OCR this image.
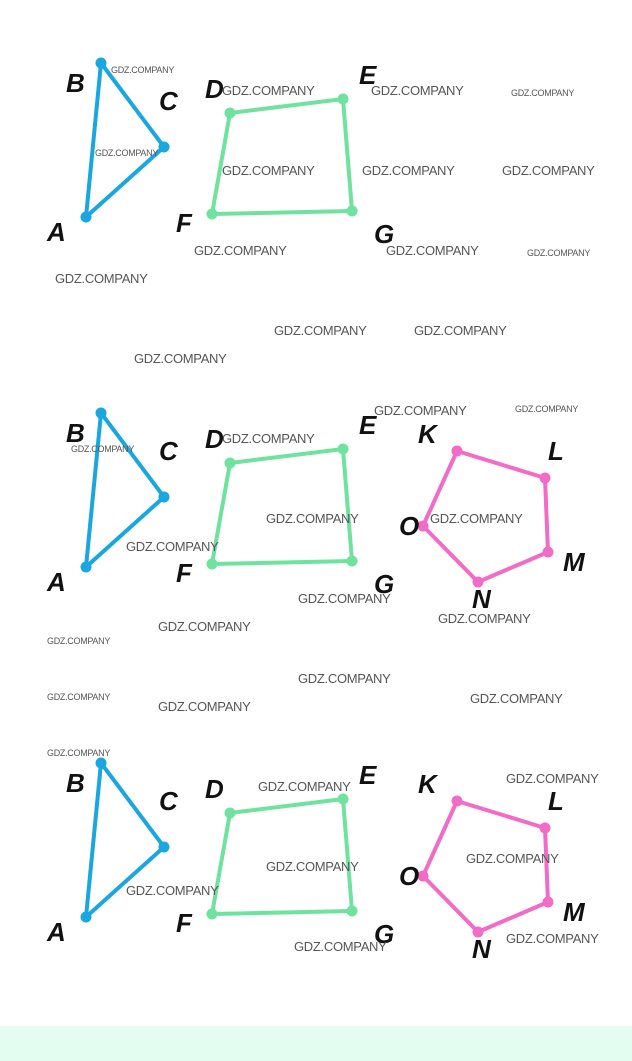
A
B
C D	E
G
F
A
B
C D	E
G
F
K
L
M
N
O
A
B
C D	E
G
F
K
L
M
N
O
GDZ.COMPANY
GDZ.COMPANY	GDZ.COMPANY	GDZ.COMPANY
GDZ.COMPANY
GDZ.COMPANY	GDZ.COMPANY	GDZ.COMPANY
GDZ.COMPANY	GDZ.COMPANY	GDZ.COMPANY
GDZ.COMPANY
GDZ.COMPANY	GDZ.COMPANY
GDZ.COMPANY
GDZ.COMPANY	GDZ.COMPANY
GDZ.COMPANY
GDZ.COMPANY
GDZ.COMPANY	GDZ.COMPANY
GDZ.COMPANY
GDZ.COMPANY
GDZ.COMPANY
GDZ.COMPANY
GDZ.COMPANY
GDZ.COMPANY
GDZ.COMPANY	GDZ.COMPANY
GDZ.COMPANY
GDZ.COMPANY
GDZ.COMPANY
GDZ.COMPANY
GDZ.COMPANY
GDZ.COMPANY
GDZ.COMPANY
GDZ.COMPANY
GDZ.COMPANY
